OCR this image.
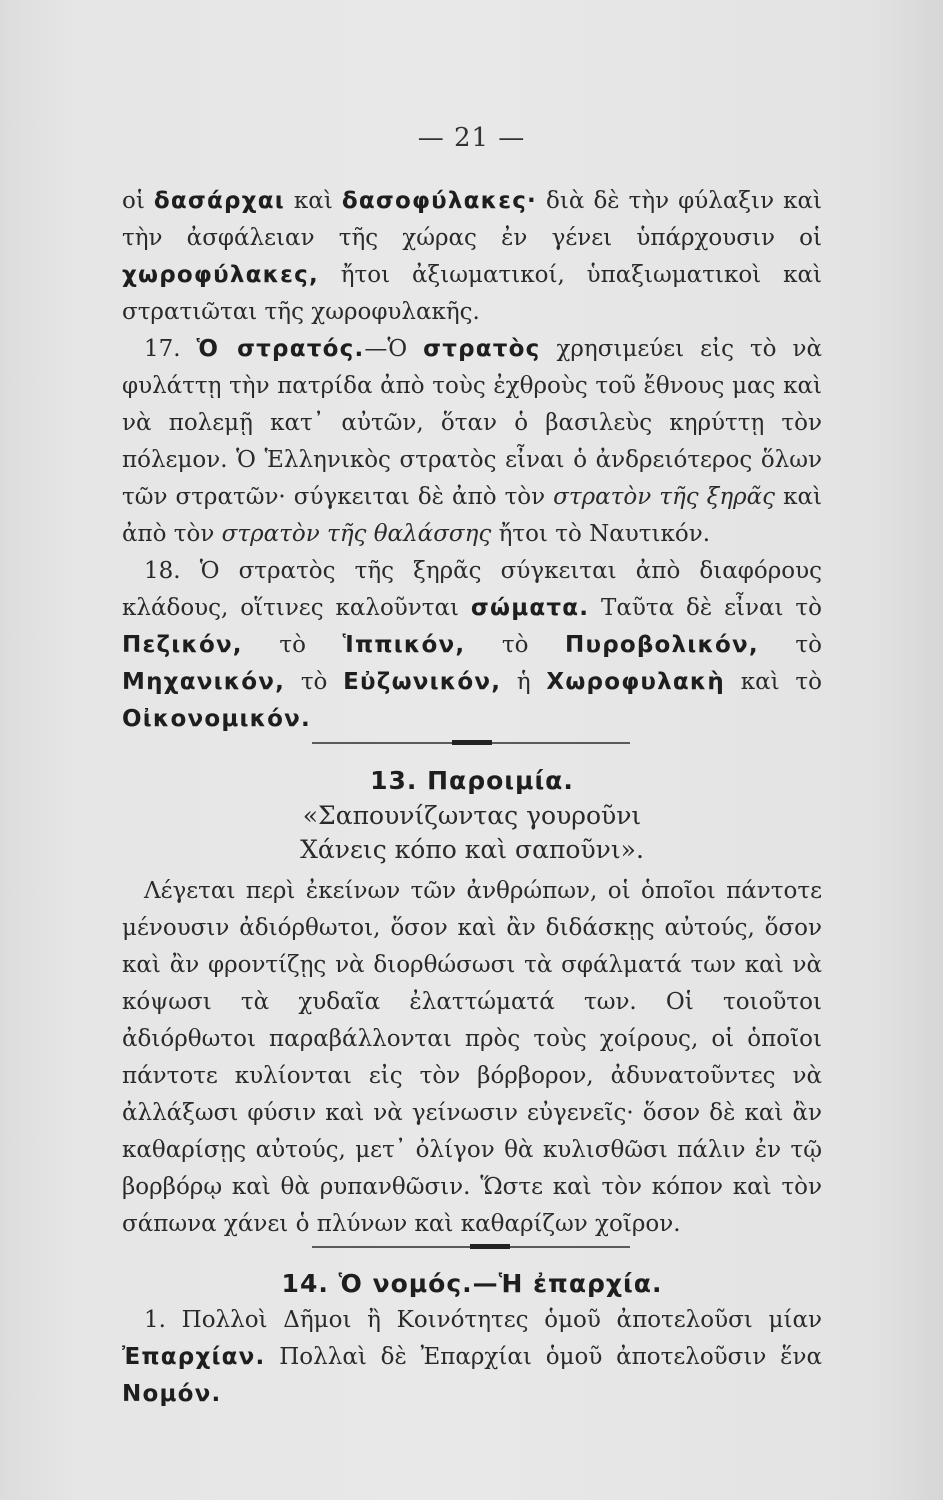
— 21 —

οἱ δασάρχαι καὶ δασοφύλακες· διὰ δὲ τὴν φύλαξιν καὶ τὴν ἀσφάλειαν τῆς χώρας ἐν γένει ὑπάρχουσιν οἱ χωροφύλακες, ἤτοι ἀξιωματικοί, ὑπαξιωματικοὶ καὶ στρατιῶται τῆς χωροφυλακῆς.

17. Ὁ στρατός.—Ὁ στρατὸς χρησιμεύει εἰς τὸ νὰ φυλάττῃ τὴν πατρίδα ἀπὸ τοὺς ἐχθροὺς τοῦ ἔθνους μας καὶ νὰ πολεμῇ κατ᾽ αὐτῶν, ὅταν ὁ βασιλεὺς κηρύττῃ τὸν πόλεμον. Ὁ Ἑλληνικὸς στρατὸς εἶναι ὁ ἀνδρειότερος ὅλων τῶν στρατῶν· σύγκειται δὲ ἀπὸ τὸν στρατὸν τῆς ξηρᾶς καὶ ἀπὸ τὸν στρατὸν τῆς θαλάσσης ἤτοι τὸ Ναυτικόν.

18. Ὁ στρατὸς τῆς ξηρᾶς σύγκειται ἀπὸ διαφόρους κλάδους, οἵτινες καλοῦνται σώματα. Ταῦτα δὲ εἶναι τὸ Πεζικόν, τὸ Ἱππικόν, τὸ Πυροβολικόν, τὸ Μηχανικόν, τὸ Εὐζωνικόν, ἡ Χωροφυλακὴ καὶ τὸ Οἰκονομικόν.

13. Παροιμία.
«Σαπουνίζωντας γουροῦνι
Χάνεις κόπο καὶ σαποῦνι».

Λέγεται περὶ ἐκείνων τῶν ἀνθρώπων, οἱ ὁποῖοι πάντοτε μένουσιν ἀδιόρθωτοι, ὅσον καὶ ἂν διδάσκῃς αὐτούς, ὅσον καὶ ἂν φροντίζῃς νὰ διορθώσωσι τὰ σφάλματά των καὶ νὰ κόψωσι τὰ χυδαῖα ἐλαττώματά των. Οἱ τοιοῦτοι ἀδιόρθωτοι παραβάλλονται πρὸς τοὺς χοίρους, οἱ ὁποῖοι πάντοτε κυλίονται εἰς τὸν βόρβορον, ἀδυνατοῦντες νὰ ἀλλάξωσι φύσιν καὶ νὰ γείνωσιν εὐγενεῖς· ὅσον δὲ καὶ ἂν καθαρίσῃς αὐτούς, μετ᾽ ὀλίγον θὰ κυλισθῶσι πάλιν ἐν τῷ βορβόρῳ καὶ θὰ ρυπανθῶσιν. Ὥστε καὶ τὸν κόπον καὶ τὸν σάπωνα χάνει ὁ πλύνων καὶ καθαρίζων χοῖρον.

14. Ὁ νομός.—Ἡ ἐπαρχία.

1. Πολλοὶ Δῆμοι ἢ Κοινότητες ὁμοῦ ἀποτελοῦσι μίαν Ἐπαρχίαν. Πολλαὶ δὲ Ἐπαρχίαι ὁμοῦ ἀποτελοῦσιν ἕνα Νομόν.
